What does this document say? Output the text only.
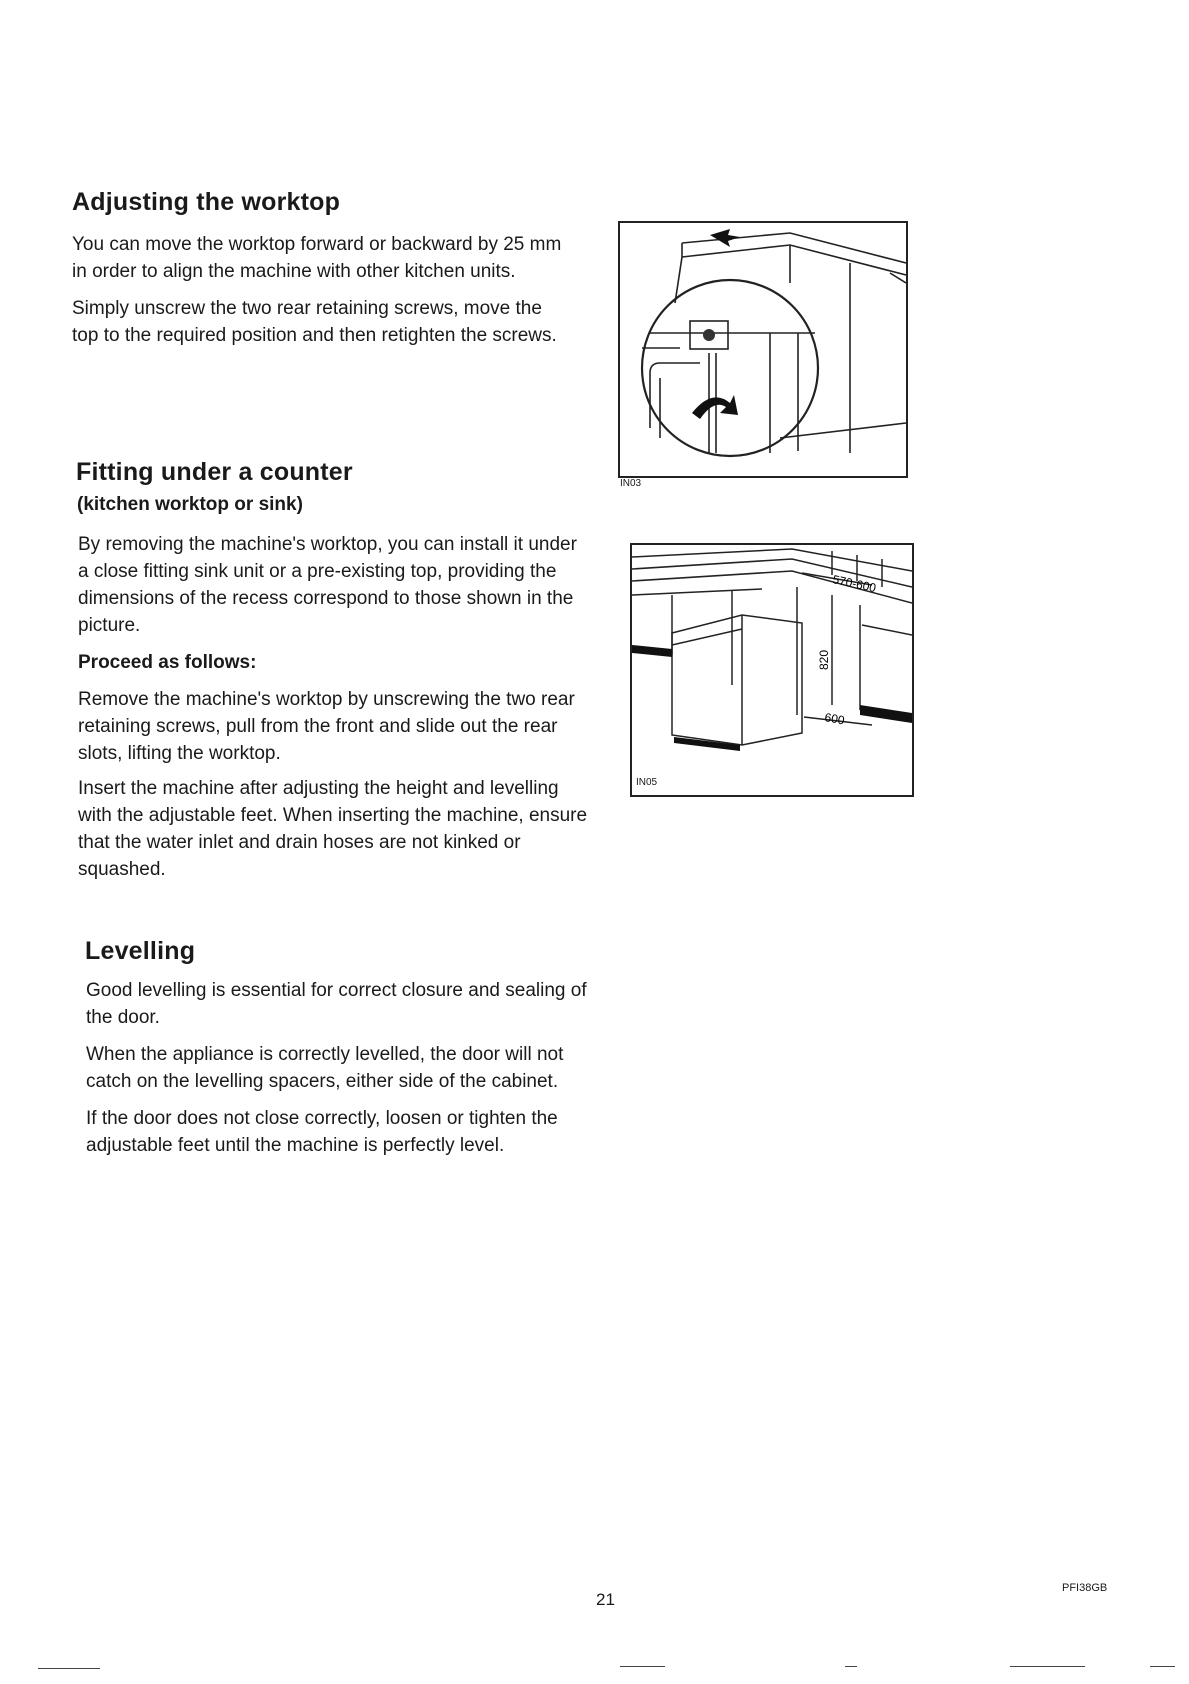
Adjusting the worktop

You can move the worktop forward or backward by 25 mm in order to align the machine with other kitchen units.

Simply unscrew the two rear retaining screws, move the top to the required position and then retighten the screws.

IN03
Fitting under a counter
(kitchen worktop or sink)

By removing the machine's worktop, you can install it under a close fitting sink unit or a pre-existing top, providing the dimensions of the recess correspond to those shown in the picture.

Proceed as follows:

Remove the machine's worktop by unscrewing the two rear retaining screws, pull from the front and slide out the rear slots, lifting the worktop.

Insert the machine after adjusting the height and levelling with the adjustable feet. When inserting the machine, ensure that the water inlet and drain hoses are not kinked or squashed.

570-600
820
600
IN05
Levelling

Good levelling is essential for correct closure and sealing of the door.

When the appliance is correctly levelled, the door will not catch on the levelling spacers, either side of the cabinet.

If the door does not close correctly, loosen or tighten the adjustable feet until the machine is perfectly level.

21
PFI38GB
